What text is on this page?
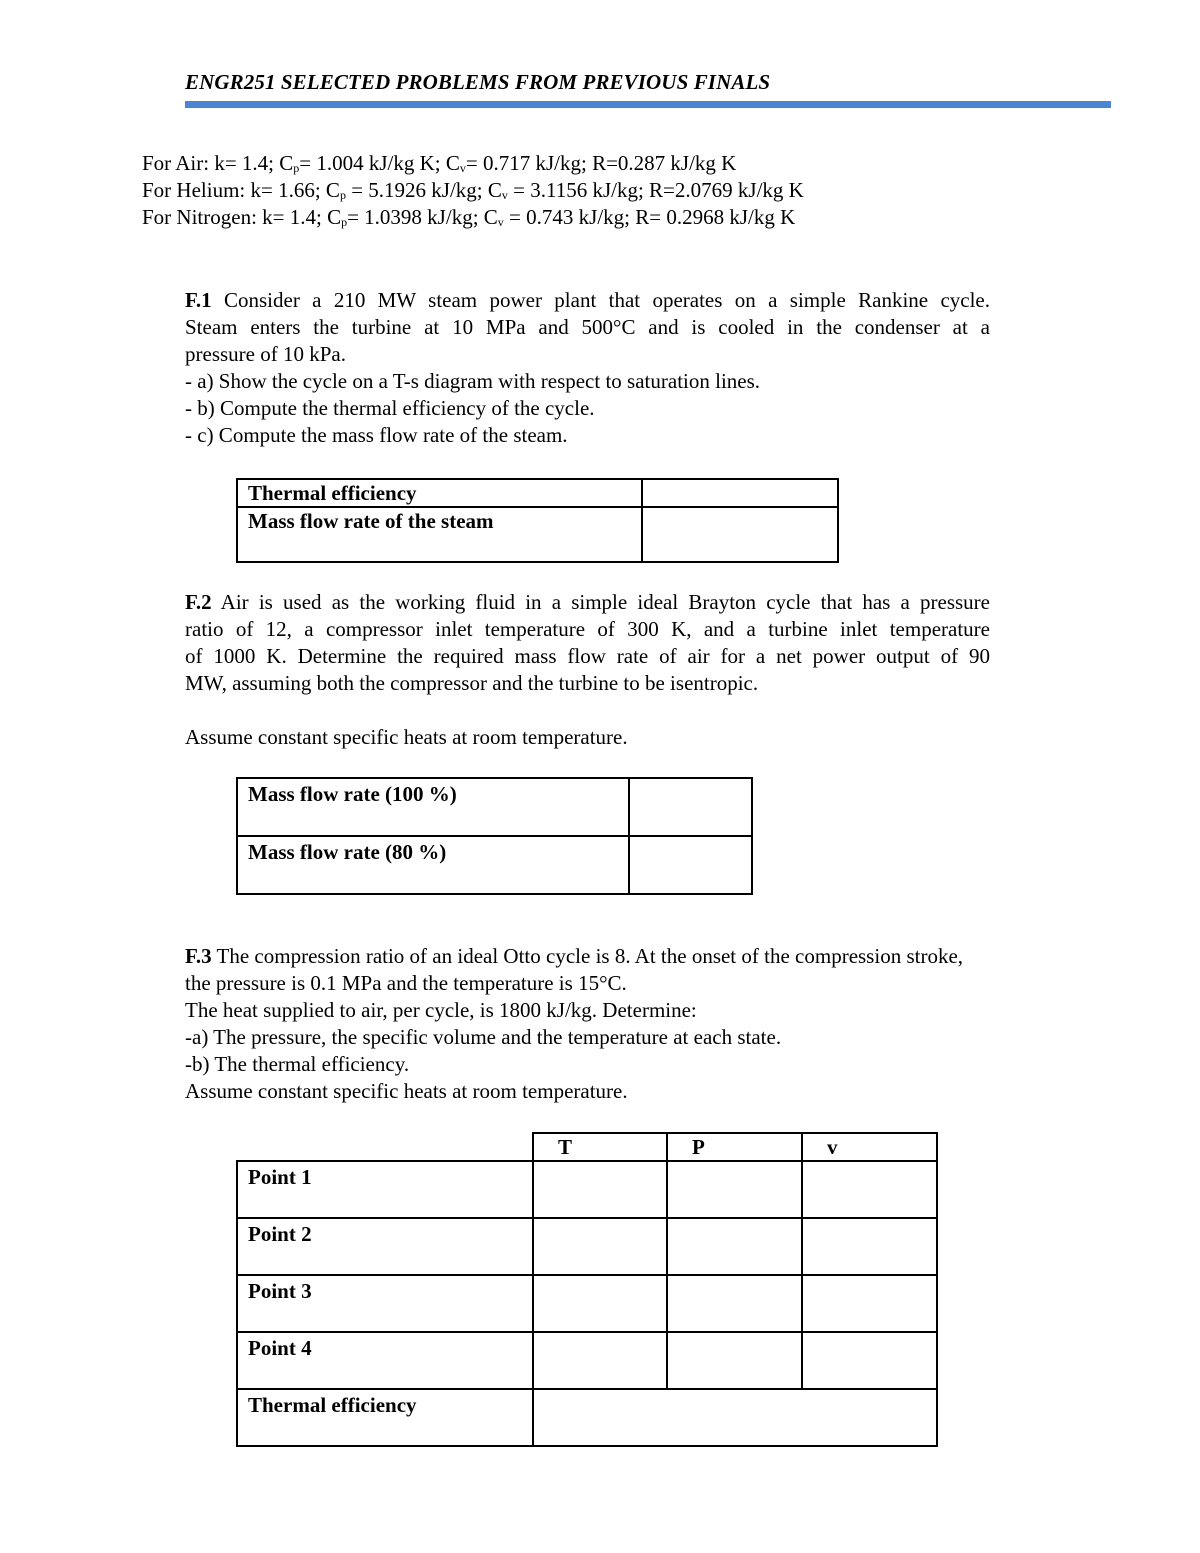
ENGR251 SELECTED PROBLEMS FROM PREVIOUS FINALS
For Air: k= 1.4; $C_p= 1.004$ kJ/kg K; $C_v= 0.717$ kJ/kg; R=0.287 kJ/kg K
For Helium: k= 1.66; $C_p = 5.1926$ kJ/kg; $C_v = 3.1156$ kJ/kg; R=2.0769 kJ/kg K
For Nitrogen: k= 1.4; $C_p= 1.0398$ kJ/kg; $C_v = 0.743$ kJ/kg; R= 0.2968 kJ/kg K

F.1 Consider a 210 MW steam power plant that operates on a simple Rankine cycle.

Steam enters the turbine at 10 MPa and 500°C and is cooled in the condenser at a

pressure of 10 kPa.

- a) Show the cycle on a T-s diagram with respect to saturation lines.

- b) Compute the thermal efficiency of the cycle.

- c) Compute the mass flow rate of the steam.

Thermal efficiency	
Mass flow rate of the steam	

F.2 Air is used as the working fluid in a simple ideal Brayton cycle that has a pressure

ratio of 12, a compressor inlet temperature of 300 K, and a turbine inlet temperature

of 1000 K. Determine the required mass flow rate of air for a net power output of 90

MW, assuming both the compressor and the turbine to be isentropic.

Assume constant specific heats at room temperature.

Mass flow rate (100 %)	
Mass flow rate (80 %)	

F.3 The compression ratio of an ideal Otto cycle is 8. At the onset of the compression stroke,

the pressure is 0.1 MPa and the temperature is 15°C.

The heat supplied to air, per cycle, is 1800 kJ/kg. Determine:

-a) The pressure, the specific volume and the temperature at each state.

-b) The thermal efficiency.

Assume constant specific heats at room temperature.

	T	P	v
Point 1			
Point 2			
Point 3			
Point 4			
Thermal efficiency			
